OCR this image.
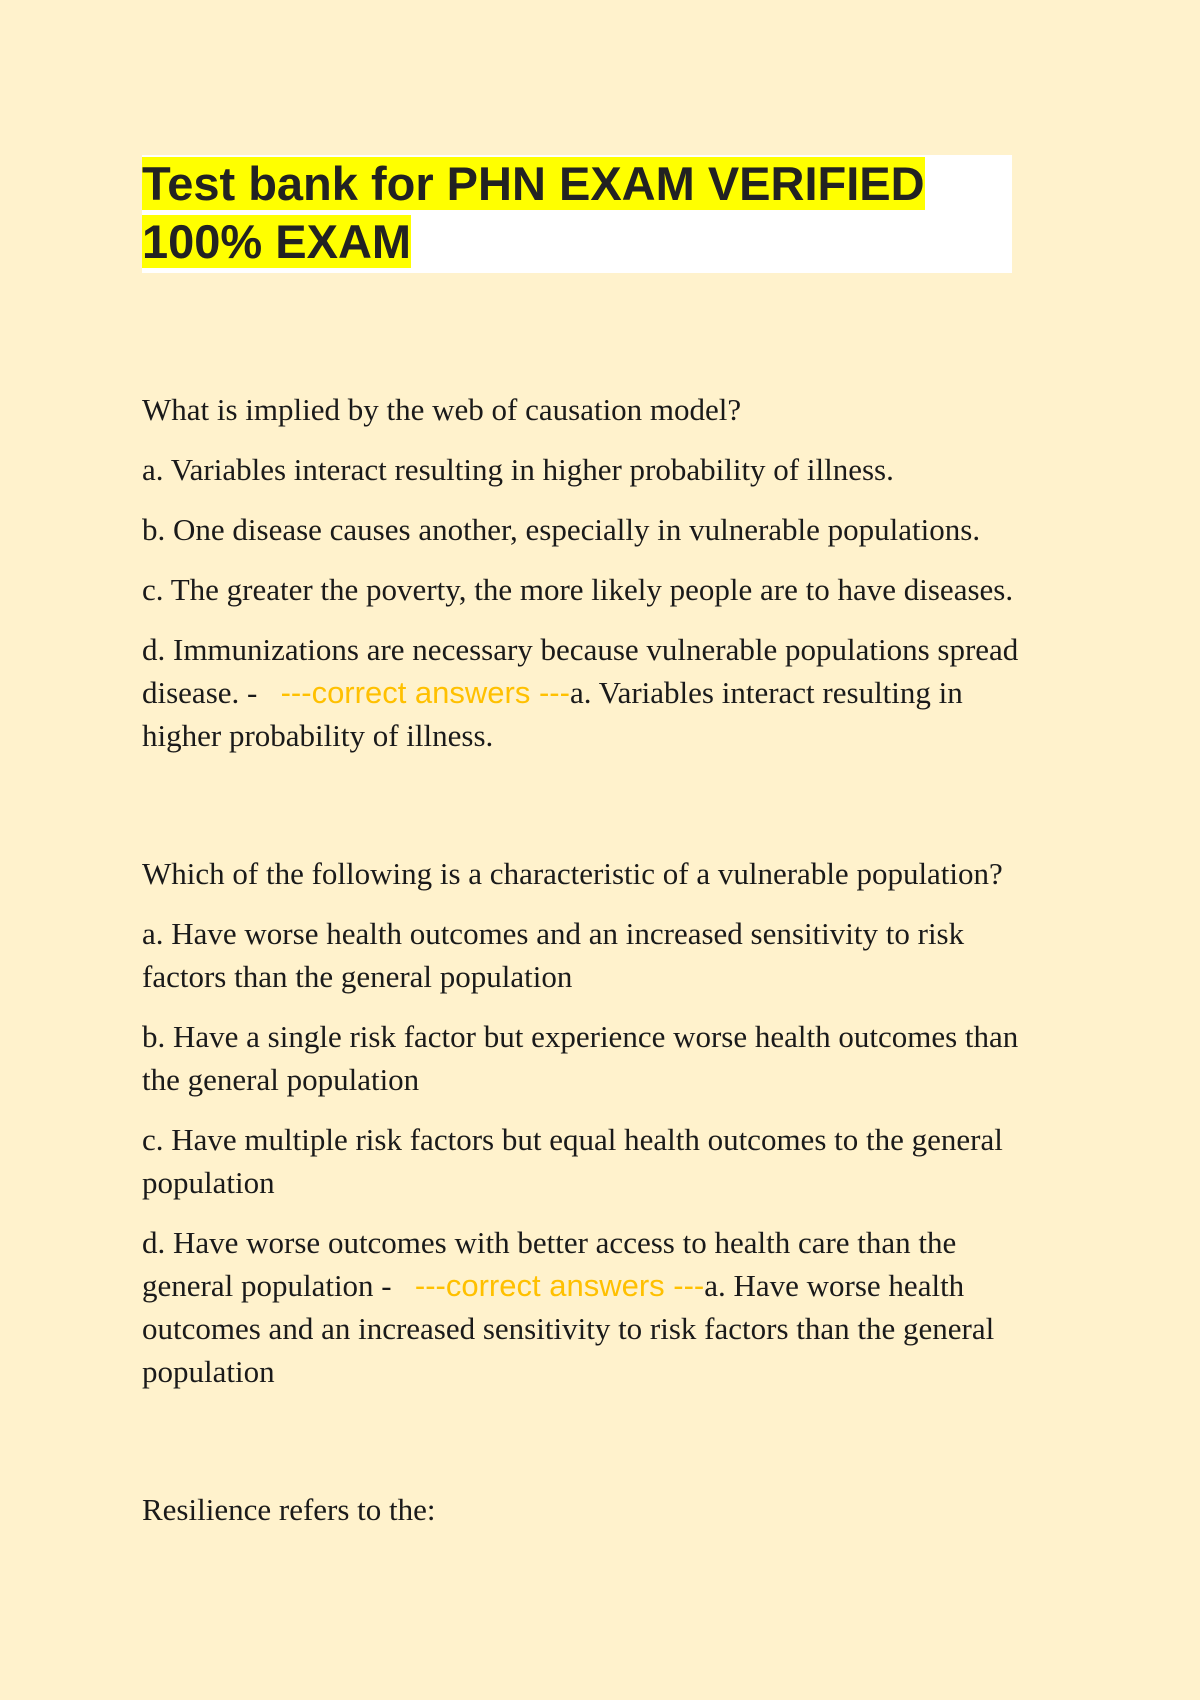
Test bank for PHN EXAM VERIFIED
100% EXAM

What is implied by the web of causation model?

a. Variables interact resulting in higher probability of illness.

b. One disease causes another, especially in vulnerable populations.

c. The greater the poverty, the more likely people are to have diseases.

d. Immunizations are necessary because vulnerable populations spread disease. - ---correct answers ---a. Variables interact resulting in higher probability of illness.

Which of the following is a characteristic of a vulnerable population?

a. Have worse health outcomes and an increased sensitivity to risk factors than the general population

b. Have a single risk factor but experience worse health outcomes than the general population

c. Have multiple risk factors but equal health outcomes to the general population

d. Have worse outcomes with better access to health care than the general population - ---correct answers ---a. Have worse health outcomes and an increased sensitivity to risk factors than the general population

Resilience refers to the:
